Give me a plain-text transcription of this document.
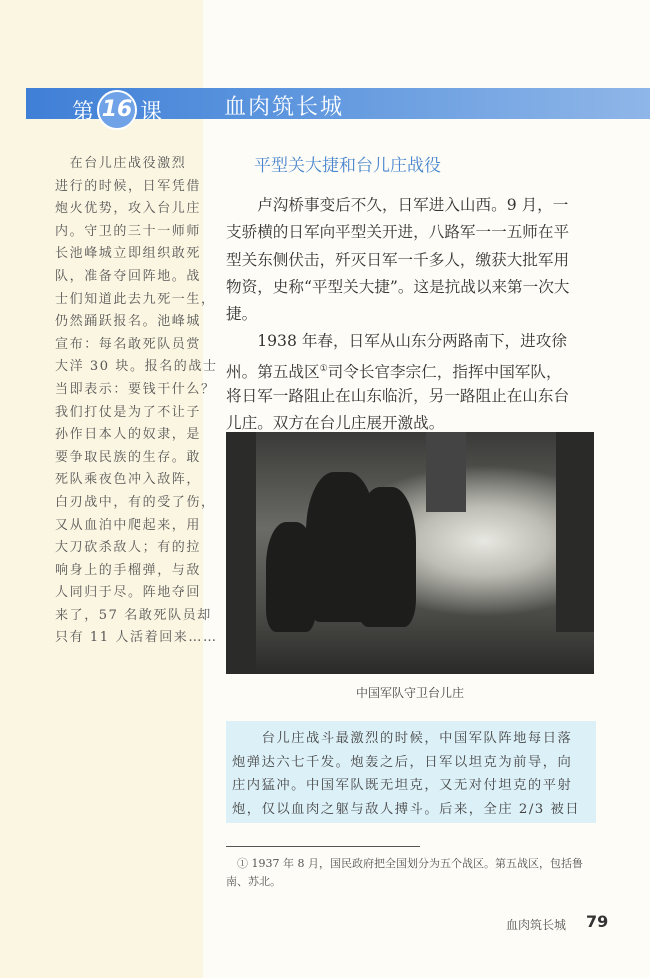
第 16 课	血肉筑长城
　在台儿庄战役激烈
进行的时候，日军凭借
炮火优势，攻入台儿庄
内。守卫的三十一师师
长池峰城立即组织敢死
队，准备夺回阵地。战
士们知道此去九死一生，
仍然踊跃报名。池峰城
宣布：每名敢死队员赏
大洋 30 块。报名的战士
当即表示：要钱干什么？
我们打仗是为了不让子
孙作日本人的奴隶，是
要争取民族的生存。敢
死队乘夜色冲入敌阵，
白刃战中，有的受了伤，
又从血泊中爬起来，用
大刀砍杀敌人；有的拉
响身上的手榴弹，与敌
人同归于尽。阵地夺回
来了，57 名敢死队员却
只有 11 人活着回来……
平型关大捷和台儿庄战役
　　卢沟桥事变后不久，日军进入山西。9 月，一
支骄横的日军向平型关开进，八路军一一五师在平
型关东侧伏击，歼灭日军一千多人，缴获大批军用
物资，史称“平型关大捷”。这是抗战以来第一次大
捷。
　　1938 年春，日军从山东分两路南下，进攻徐
州。第五战区①司令长官李宗仁，指挥中国军队，
将日军一路阻止在山东临沂，另一路阻止在山东台
儿庄。双方在台儿庄展开激战。
中国军队守卫台儿庄
　　台儿庄战斗最激烈的时候，中国军队阵地每日落
炮弹达六七千发。炮轰之后，日军以坦克为前导，向
庄内猛冲。中国军队既无坦克，又无对付坦克的平射
炮，仅以血肉之躯与敌人搏斗。后来，全庄 2/3 被日
　① 1937 年 8 月，国民政府把全国划分为五个战区。第五战区，包括鲁
南、苏北。
血肉筑长城 79
